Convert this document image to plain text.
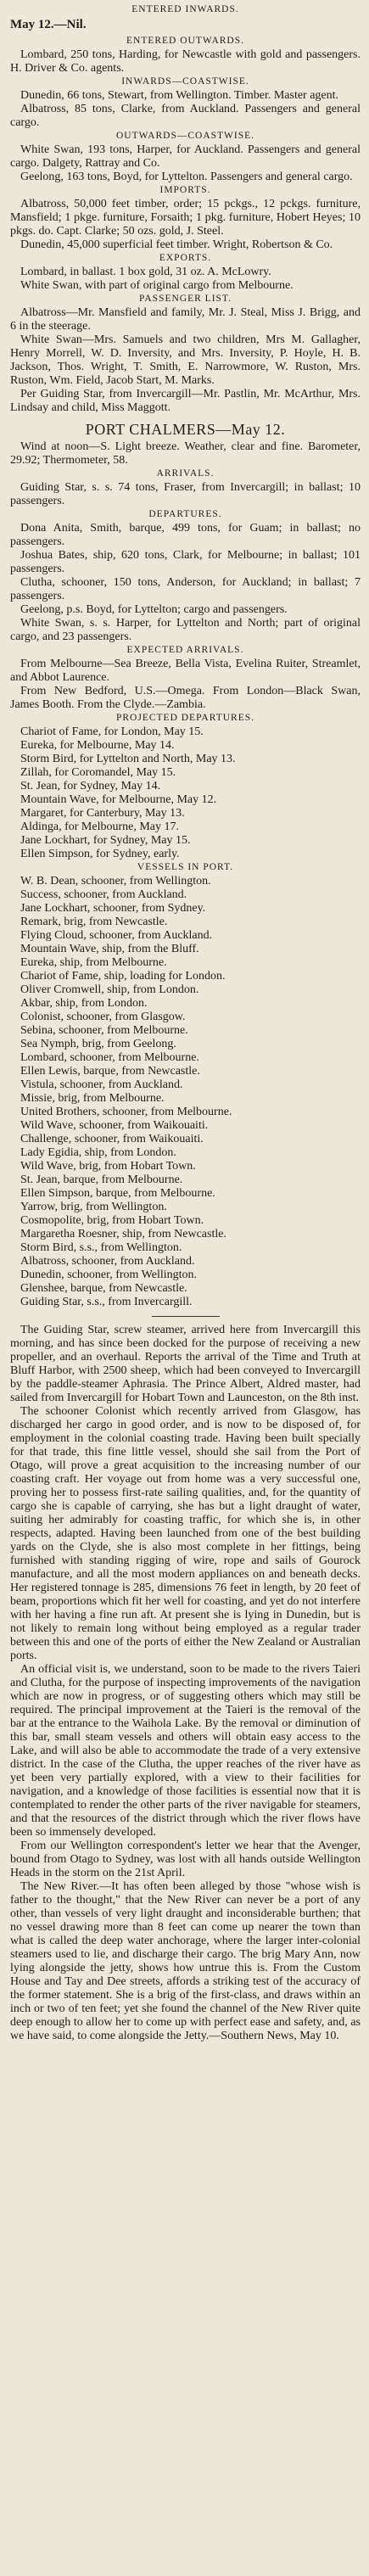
ENTERED INWARDS.
May 12.—Nil.
ENTERED OUTWARDS.

Lombard, 250 tons, Harding, for Newcastle with gold and passengers. H. Driver & Co. agents.

INWARDS—COASTWISE.

Dunedin, 66 tons, Stewart, from Wellington. Timber. Master agent.

Albatross, 85 tons, Clarke, from Auckland. Passengers and general cargo.

OUTWARDS—COASTWISE.

White Swan, 193 tons, Harper, for Auckland. Passengers and general cargo. Dalgety, Rattray and Co.

Geelong, 163 tons, Boyd, for Lyttelton. Passengers and general cargo.

IMPORTS.

Albatross, 50,000 feet timber, order; 15 pckgs., 12 pckgs. furniture, Mansfield; 1 pkge. furniture, Forsaith; 1 pkg. furniture, Hobert Heyes; 10 pkgs. do. Capt. Clarke; 50 ozs. gold, J. Steel.

Dunedin, 45,000 superficial feet timber. Wright, Robertson & Co.

EXPORTS.

Lombard, in ballast. 1 box gold, 31 oz. A. McLowry.

White Swan, with part of original cargo from Melbourne.

PASSENGER LIST.

Albatross—Mr. Mansfield and family, Mr. J. Steal, Miss J. Brigg, and 6 in the steerage.

White Swan—Mrs. Samuels and two children, Mrs M. Gallagher, Henry Morrell, W. D. Inversity, and Mrs. Inversity, P. Hoyle, H. B. Jackson, Thos. Wright, T. Smith, E. Narrowmore, W. Ruston, Mrs. Ruston, Wm. Field, Jacob Start, M. Marks.

Per Guiding Star, from Invercargill—Mr. Pastlin, Mr. McArthur, Mrs. Lindsay and child, Miss Maggott.

PORT CHALMERS—May 12.

Wind at noon—S. Light breeze. Weather, clear and fine. Barometer, 29.92; Thermometer, 58.

ARRIVALS.

Guiding Star, s. s. 74 tons, Fraser, from Invercargill; in ballast; 10 passengers.

DEPARTURES.

Dona Anita, Smith, barque, 499 tons, for Guam; in ballast; no passengers.

Joshua Bates, ship, 620 tons, Clark, for Melbourne; in ballast; 101 passengers.

Clutha, schooner, 150 tons, Anderson, for Auckland; in ballast; 7 passengers.

Geelong, p.s. Boyd, for Lyttelton; cargo and passengers.

White Swan, s. s. Harper, for Lyttelton and North; part of original cargo, and 23 passengers.

EXPECTED ARRIVALS.

From Melbourne—Sea Breeze, Bella Vista, Evelina Ruiter, Streamlet, and Abbot Laurence.

From New Bedford, U.S.—Omega. From London—Black Swan, James Booth. From the Clyde.—Zambia.

PROJECTED DEPARTURES.

Chariot of Fame, for London, May 15.

Eureka, for Melbourne, May 14.

Storm Bird, for Lyttelton and North, May 13.

Zillah, for Coromandel, May 15.

St. Jean, for Sydney, May 14.

Mountain Wave, for Melbourne, May 12.

Margaret, for Canterbury, May 13.

Aldinga, for Melbourne, May 17.

Jane Lockhart, for Sydney, May 15.

Ellen Simpson, for Sydney, early.

VESSELS IN PORT.

W. B. Dean, schooner, from Wellington.

Success, schooner, from Auckland.

Jane Lockhart, schooner, from Sydney.

Remark, brig, from Newcastle.

Flying Cloud, schooner, from Auckland.

Mountain Wave, ship, from the Bluff.

Eureka, ship, from Melbourne.

Chariot of Fame, ship, loading for London.

Oliver Cromwell, ship, from London.

Akbar, ship, from London.

Colonist, schooner, from Glasgow.

Sebina, schooner, from Melbourne.

Sea Nymph, brig, from Geelong.

Lombard, schooner, from Melbourne.

Ellen Lewis, barque, from Newcastle.

Vistula, schooner, from Auckland.

Missie, brig, from Melbourne.

United Brothers, schooner, from Melbourne.

Wild Wave, schooner, from Waikouaiti.

Challenge, schooner, from Waikouaiti.

Lady Egidia, ship, from London.

Wild Wave, brig, from Hobart Town.

St. Jean, barque, from Melbourne.

Ellen Simpson, barque, from Melbourne.

Yarrow, brig, from Wellington.

Cosmopolite, brig, from Hobart Town.

Margaretha Roesner, ship, from Newcastle.

Storm Bird, s.s., from Wellington.

Albatross, schooner, from Auckland.

Dunedin, schooner, from Wellington.

Glenshee, barque, from Newcastle.

Guiding Star, s.s., from Invercargill.

The Guiding Star, screw steamer, arrived here from Invercargill this morning, and has since been docked for the purpose of receiving a new propeller, and an overhaul. Reports the arrival of the Time and Truth at Bluff Harbor, with 2500 sheep, which had been conveyed to Invercargill by the paddle-steamer Aphrasia. The Prince Albert, Aldred master, had sailed from Invercargill for Hobart Town and Launceston, on the 8th inst.

The schooner Colonist which recently arrived from Glasgow, has discharged her cargo in good order, and is now to be disposed of, for employment in the colonial coasting trade. Having been built specially for that trade, this fine little vessel, should she sail from the Port of Otago, will prove a great acquisition to the increasing number of our coasting craft. Her voyage out from home was a very successful one, proving her to possess first-rate sailing qualities, and, for the quantity of cargo she is capable of carrying, she has but a light draught of water, suiting her admirably for coasting traffic, for which she is, in other respects, adapted. Having been launched from one of the best building yards on the Clyde, she is also most complete in her fittings, being furnished with standing rigging of wire, rope and sails of Gourock manufacture, and all the most modern appliances on and beneath decks. Her registered tonnage is 285, dimensions 76 feet in length, by 20 feet of beam, proportions which fit her well for coasting, and yet do not interfere with her having a fine run aft. At present she is lying in Dunedin, but is not likely to remain long without being employed as a regular trader between this and one of the ports of either the New Zealand or Australian ports.

An official visit is, we understand, soon to be made to the rivers Taieri and Clutha, for the purpose of inspecting improvements of the navigation which are now in progress, or of suggesting others which may still be required. The principal improvement at the Taieri is the removal of the bar at the entrance to the Waihola Lake. By the removal or diminution of this bar, small steam vessels and others will obtain easy access to the Lake, and will also be able to accommodate the trade of a very extensive district. In the case of the Clutha, the upper reaches of the river have as yet been very partially explored, with a view to their facilities for navigation, and a knowledge of those facilities is essential now that it is contemplated to render the other parts of the river navigable for steamers, and that the resources of the district through which the river flows have been so immensely developed.

From our Wellington correspondent's letter we hear that the Avenger, bound from Otago to Sydney, was lost with all hands outside Wellington Heads in the storm on the 21st April.

The New River.—It has often been alleged by those "whose wish is father to the thought," that the New River can never be a port of any other, than vessels of very light draught and inconsiderable burthen; that no vessel drawing more than 8 feet can come up nearer the town than what is called the deep water anchorage, where the larger inter-colonial steamers used to lie, and discharge their cargo. The brig Mary Ann, now lying alongside the jetty, shows how untrue this is. From the Custom House and Tay and Dee streets, affords a striking test of the accuracy of the former statement. She is a brig of the first-class, and draws within an inch or two of ten feet; yet she found the channel of the New River quite deep enough to allow her to come up with perfect ease and safety, and, as we have said, to come alongside the Jetty.—Southern News, May 10.
